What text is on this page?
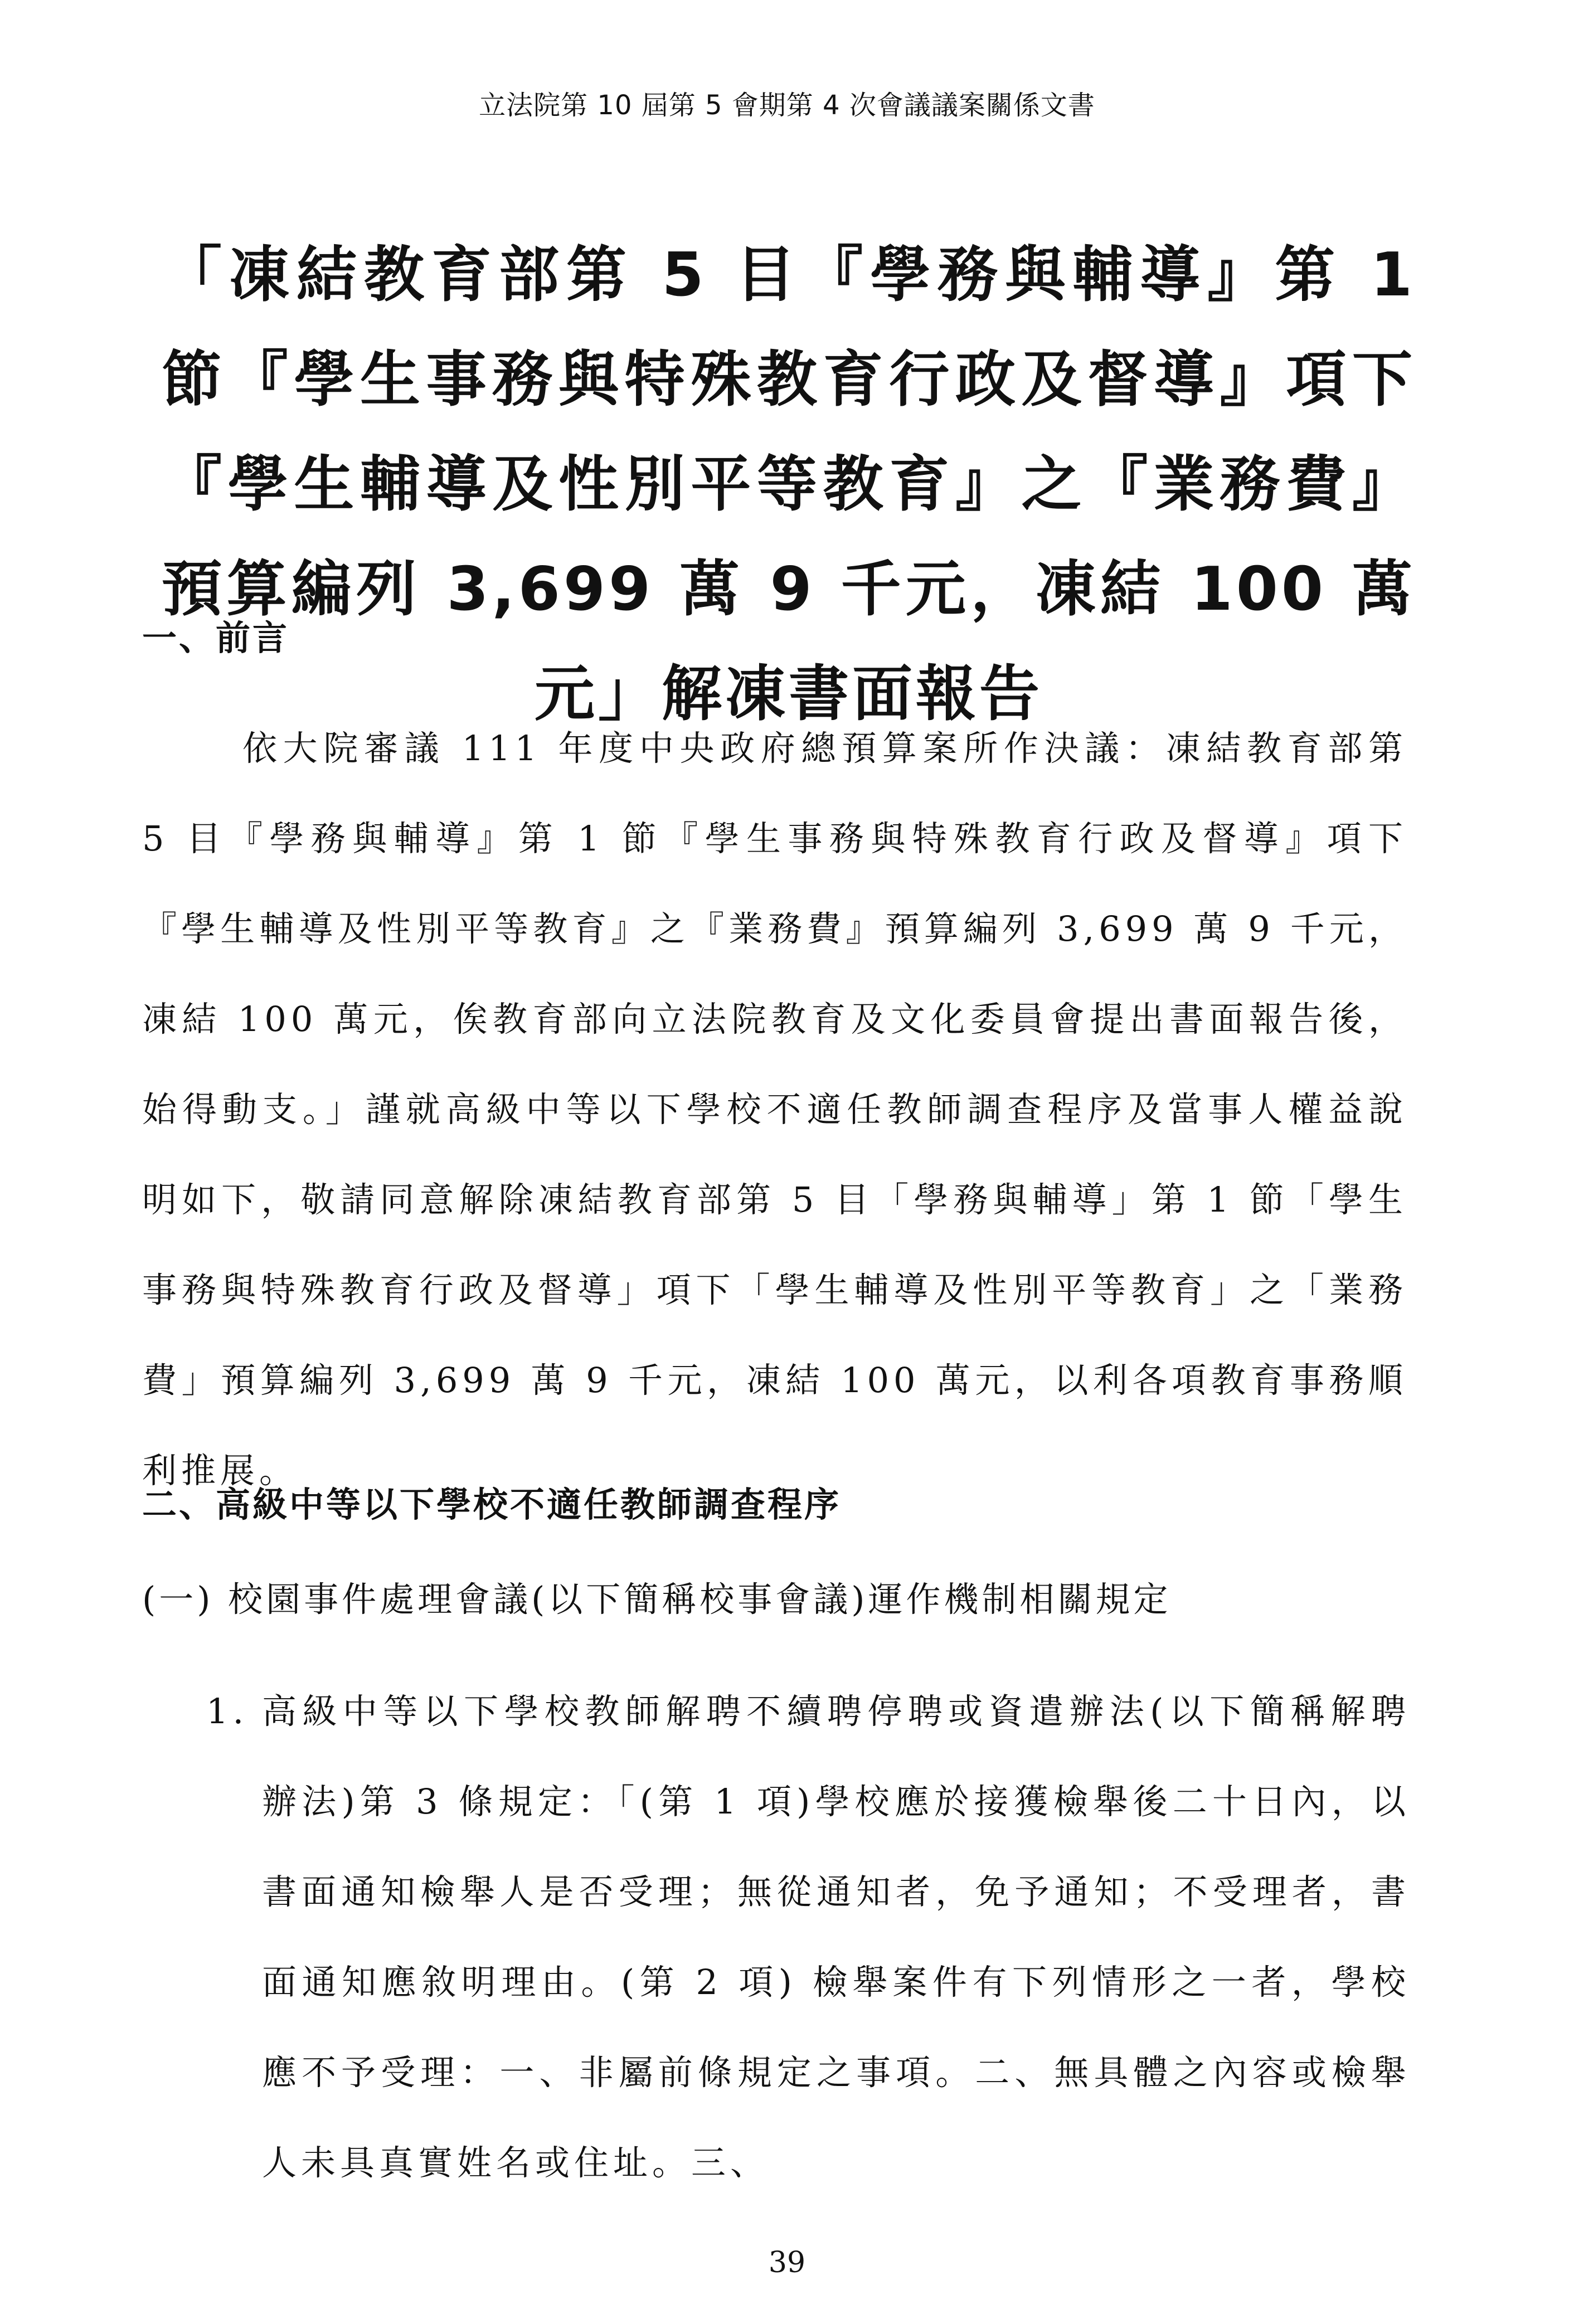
立法院第 10 屆第 5 會期第 4 次會議議案關係文書
「凍結教育部第 5 目『學務與輔導』第 1 節『學生事務與特殊教育行政及督導』項下『學生輔導及性別平等教育』之『業務費』預算編列 3,699 萬 9 千元，凍結 100 萬元」解凍書面報告
一、前言

依大院審議 111 年度中央政府總預算案所作決議：凍結教育部第 5 目『學務與輔導』第 1 節『學生事務與特殊教育行政及督導』項下『學生輔導及性別平等教育』之『業務費』預算編列 3,699 萬 9 千元，凍結 100 萬元，俟教育部向立法院教育及文化委員會提出書面報告後，始得動支。」謹就高級中等以下學校不適任教師調查程序及當事人權益說明如下，敬請同意解除凍結教育部第 5 目「學務與輔導」第 1 節「學生事務與特殊教育行政及督導」項下「學生輔導及性別平等教育」之「業務費」預算編列 3,699 萬 9 千元，凍結 100 萬元，以利各項教育事務順利推展。

二、高級中等以下學校不適任教師調查程序

(一) 校園事件處理會議(以下簡稱校事會議)運作機制相關規定

1. 高級中等以下學校教師解聘不續聘停聘或資遣辦法(以下簡稱解聘辦法)第 3 條規定：「(第 1 項)學校應於接獲檢舉後二十日內，以書面通知檢舉人是否受理；無從通知者，免予通知；不受理者，書面通知應敘明理由。(第 2 項) 檢舉案件有下列情形之一者，學校應不予受理：一、非屬前條規定之事項。二、無具體之內容或檢舉人未具真實姓名或住址。三、
39
